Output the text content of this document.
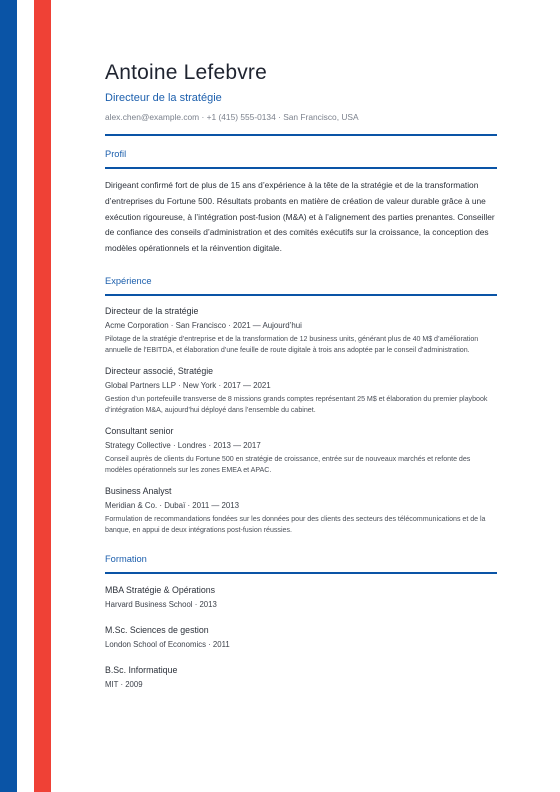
Antoine Lefebvre
Directeur de la stratégie
alex.chen@example.com · +1 (415) 555-0134 · San Francisco, USA
Profil
Dirigeant confirmé fort de plus de 15 ans d’expérience à la tête de la stratégie et de la transformation d’entreprises du Fortune 500. Résultats probants en matière de création de valeur durable grâce à une exécution rigoureuse, à l’intégration post-fusion (M&A) et à l’alignement des parties prenantes. Conseiller de confiance des conseils d’administration et des comités exécutifs sur la croissance, la conception des modèles opérationnels et la réinvention digitale.
Expérience
Directeur de la stratégie
Acme Corporation · San Francisco · 2021 — Aujourd’hui
Pilotage de la stratégie d’entreprise et de la transformation de 12 business units, générant plus de 40 M$ d’amélioration annuelle de l’EBITDA, et élaboration d’une feuille de route digitale à trois ans adoptée par le conseil d’administration.
Directeur associé, Stratégie
Global Partners LLP · New York · 2017 — 2021
Gestion d’un portefeuille transverse de 8 missions grands comptes représentant 25 M$ et élaboration du premier playbook d’intégration M&A, aujourd’hui déployé dans l’ensemble du cabinet.
Consultant senior
Strategy Collective · Londres · 2013 — 2017
Conseil auprès de clients du Fortune 500 en stratégie de croissance, entrée sur de nouveaux marchés et refonte des modèles opérationnels sur les zones EMEA et APAC.
Business Analyst
Meridian & Co. · Dubaï · 2011 — 2013
Formulation de recommandations fondées sur les données pour des clients des secteurs des télécommunications et de la banque, en appui de deux intégrations post-fusion réussies.
Formation
MBA Stratégie & Opérations
Harvard Business School · 2013
M.Sc. Sciences de gestion
London School of Economics · 2011
B.Sc. Informatique
MIT · 2009
